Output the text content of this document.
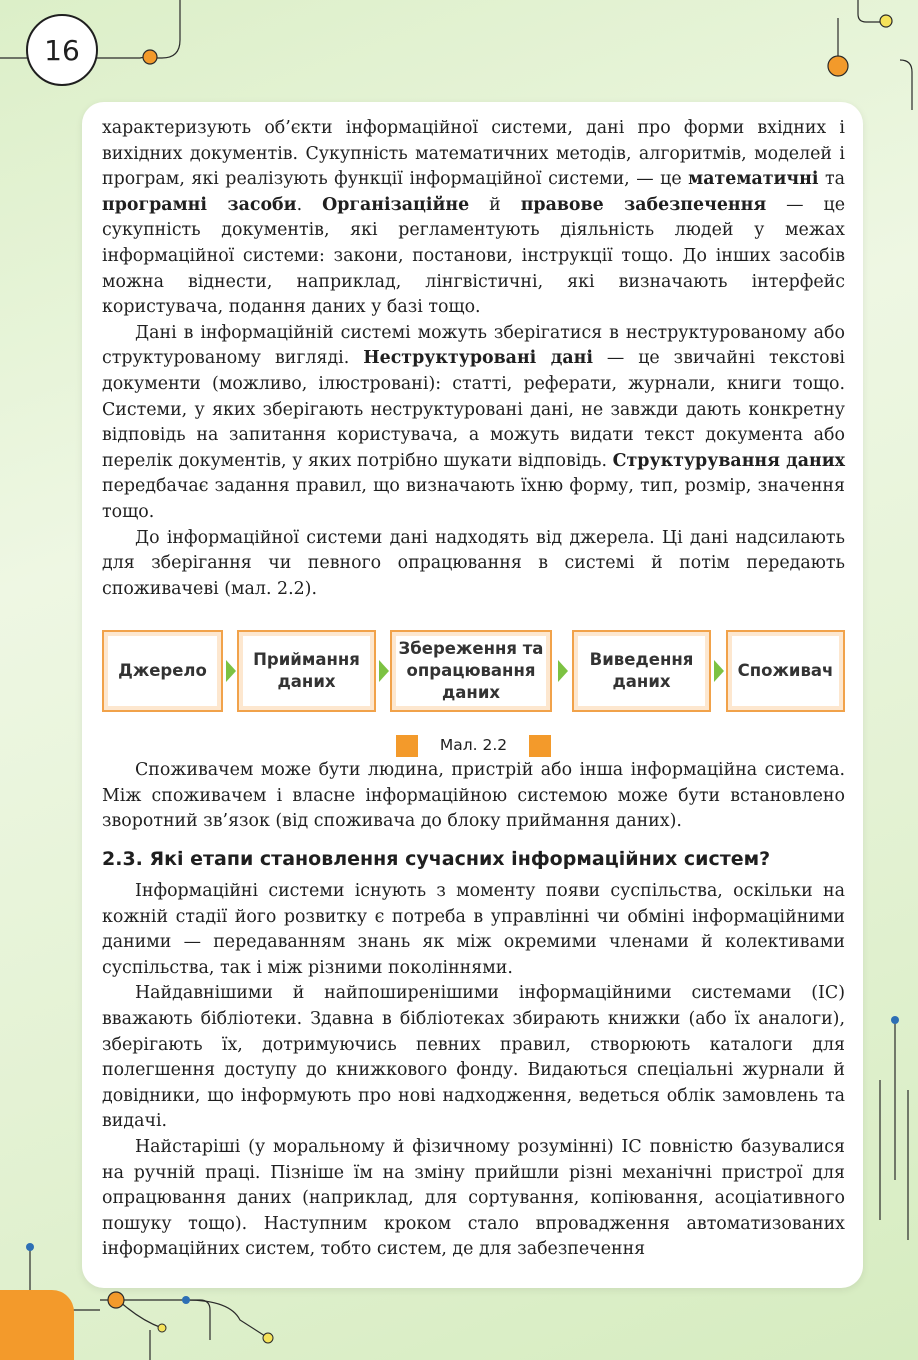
16

характеризують об’єкти інформаційної системи, дані про форми вхідних і вихідних документів. Сукупність математичних методів, алгоритмів, моделей і програм, які реалізують функції інформаційної системи, — це математичні та програмні засоби. Організаційне й правове забезпечення — це сукупність документів, які регламентують діяльність людей у межах інформаційної системи: закони, постанови, інструкції тощо. До інших засобів можна віднести, наприклад, лінгвістичні, які визначають інтерфейс користувача, подання даних у базі тощо.

Дані в інформаційній системі можуть зберігатися в неструктурованому або структурованому вигляді. Неструктуровані дані — це звичайні текстові документи (можливо, ілюстровані): статті, реферати, журнали, книги тощо. Системи, у яких зберігають неструктуровані дані, не завжди дають конкретну відповідь на запитання користувача, а можуть видати текст документа або перелік документів, у яких потрібно шукати відповідь. Структурування даних передбачає задання правил, що визначають їхню форму, тип, розмір, значення тощо.

До інформаційної системи дані надходять від джерела. Ці дані надсилають для зберігання чи певного опрацювання в системі й потім передають споживачеві (мал. 2.2).

Джерело
Приймання даних
Збереження та опрацювання даних
Виведення даних
Споживач
Мал. 2.2

Споживачем може бути людина, пристрій або інша інформаційна система. Між споживачем і власне інформаційною системою може бути встановлено зворотний зв’язок (від споживача до блоку приймання даних).

2.3. Які етапи становлення сучасних інформаційних систем?

Інформаційні системи існують з моменту появи суспільства, оскільки на кожній стадії його розвитку є потреба в управлінні чи обміні інформаційними даними — передаванням знань як між окремими членами й колективами суспільства, так і між різними поколіннями.

Найдавнішими й найпоширенішими інформаційними системами (ІС) вважають бібліотеки. Здавна в бібліотеках збирають книжки (або їх аналоги), зберігають їх, дотримуючись певних правил, створюють каталоги для полегшення доступу до книжкового фонду. Видаються спеціальні журнали й довідники, що інформують про нові надходження, ведеться облік замовлень та видачі.

Найстаріші (у моральному й фізичному розумінні) ІС повністю базувалися на ручній праці. Пізніше їм на зміну прийшли різні механічні пристрої для опрацювання даних (наприклад, для сортування, копіювання, асоціативного пошуку тощо). Наступним кроком стало впровадження автоматизованих інформаційних систем, тобто систем, де для забезпечення
